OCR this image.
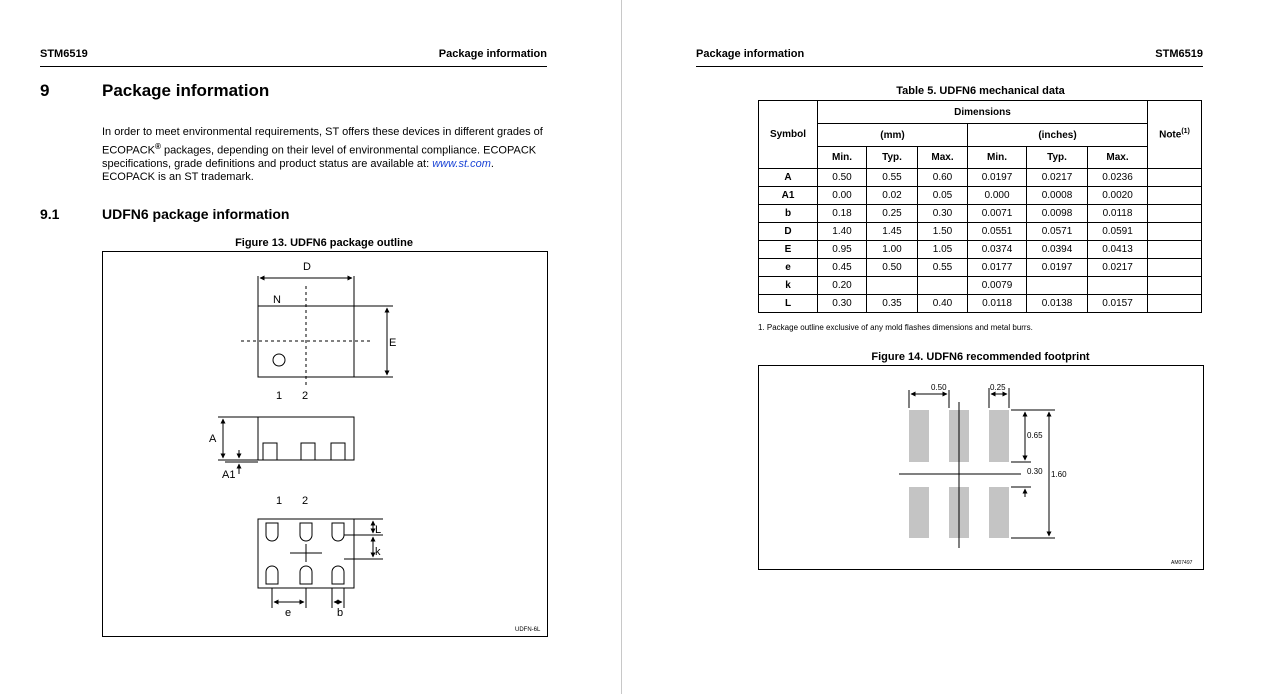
STM6519	Package information
9	Package information
In order to meet environmental requirements, ST offers these devices in different grades of
ECOPACK® packages, depending on their level of environmental compliance. ECOPACK
specifications, grade definitions and product status are available at: www.st.com.
ECOPACK is an ST trademark.
9.1	UDFN6 package information
Figure 13. UDFN6 package outline
D
N
E
1 2
A
A1
1 2
L
k
e	b
UDFN-6L
Package information	STM6519
Table 5. UDFN6 mechanical data
Symbol	Dimensions						Note$^{(1)}$
	(mm)			(inches)			
	Min.	Typ.	Max.	Min.	Typ.	Max.	
A	0.50	0.55	0.60	0.0197	0.0217	0.0236	
A1	0.00	0.02	0.05	0.000	0.0008	0.0020	
b	0.18	0.25	0.30	0.0071	0.0098	0.0118	
D	1.40	1.45	1.50	0.0551	0.0571	0.0591	
E	0.95	1.00	1.05	0.0374	0.0394	0.0413	
e	0.45	0.50	0.55	0.0177	0.0197	0.0217	
k	0.20			0.0079			
L	0.30	0.35	0.40	0.0118	0.0138	0.0157	
1. Package outline exclusive of any mold flashes dimensions and metal burrs.
Figure 14. UDFN6 recommended footprint
0.50	0.25
0.65
0.30 1.60
AM07497
